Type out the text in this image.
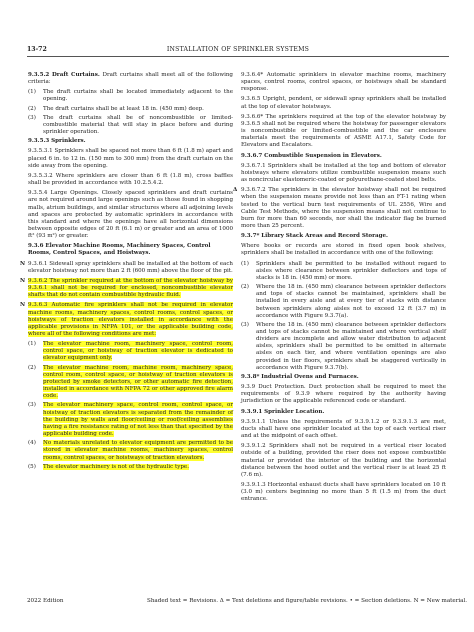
13-72	INSTALLATION OF SPRINKLER SYSTEMS
9.3.5.2 Draft Curtains. Draft curtains shall meet all of the following criteria:
(1)	The draft curtains shall be located immediately adjacent to the opening.
(2)	The draft curtains shall be at least 18 in. (450 mm) deep.
(3)	The draft curtains shall be of noncombustible or limited-combustible material that will stay in place before and during sprinkler operation.
9.3.5.3 Sprinklers.
9.3.5.3.1 Sprinklers shall be spaced not more than 6 ft (1.8 m) apart and placed 6 in. to 12 in. (150 mm to 300 mm) from the draft curtain on the side away from the opening.
9.3.5.3.2 Where sprinklers are closer than 6 ft (1.8 m), cross baffles shall be provided in accordance with 10.2.5.4.2.
9.3.5.4 Large Openings. Closely spaced sprinklers and draft curtains are not required around large openings such as those found in shopping malls, atrium buildings, and similar structures where all adjoining levels and spaces are protected by automatic sprinklers in accordance with this standard and where the openings have all horizontal dimensions between opposite edges of 20 ft (6.1 m) or greater and an area of 1000 ft² (93 m²) or greater.
9.3.6 Elevator Machine Rooms, Machinery Spaces, Control Rooms, Control Spaces, and Hoistways.
N 9.3.6.1 Sidewall spray sprinklers shall be installed at the bottom of each elevator hoistway not more than 2 ft (600 mm) above the floor of the pit.
N 9.3.6.2 The sprinkler required at the bottom of the elevator hoistway by 9.3.6.1 shall not be required for enclosed, noncombustible elevator shafts that do not contain combustible hydraulic fluid.
N 9.3.6.3 Automatic fire sprinklers shall not be required in elevator machine rooms, machinery spaces, control rooms, control spaces, or hoistways of traction elevators installed in accordance with the applicable provisions in NFPA 101, or the applicable building code, where all of the following conditions are met:
(1)	The elevator machine room, machinery space, control room, control space, or hoistway of traction elevator is dedicated to elevator equipment only.
(2)	The elevator machine room, machine room, machinery space, control room, control space, or hoistway of traction elevators is protected by smoke detectors, or other automatic fire detection, installed in accordance with NFPA 72 or other approved fire alarm code.
(3)	The elevator machinery space, control room, control space, or hoistway of traction elevators is separated from the remainder of the building by walls and floor/ceiling or roof/ceiling assemblies having a fire resistance rating of not less than that specified by the applicable building code.
(4)	No materials unrelated to elevator equipment are permitted to be stored in elevator machine rooms, machinery spaces, control rooms, control spaces, or hoistways of traction elevators.
(5)	The elevator machinery is not of the hydraulic type.
9.3.6.4* Automatic sprinklers in elevator machine rooms, machinery spaces, control rooms, control spaces, or hoistways shall be standard response.
9.3.6.5 Upright, pendent, or sidewall spray sprinklers shall be installed at the top of elevator hoistways.
9.3.6.6* The sprinklers required at the top of the elevator hoistway by 9.3.6.5 shall not be required where the hoistway for passenger elevators is noncombustible or limited-combustible and the car enclosure materials meet the requirements of ASME A17.1, Safety Code for Elevators and Escalators.
9.3.6.7 Combustible Suspension in Elevators.
9.3.6.7.1 Sprinklers shall be installed at the top and bottom of elevator hoistways where elevators utilize combustible suspension means such as noncircular elastomeric-coated or polyurethane-coated steel belts.
Δ 9.3.6.7.2 The sprinklers in the elevator hoistway shall not be required when the suspension means provide not less than an FT-1 rating when tested to the vertical burn test requirements of UL 2556, Wire and Cable Test Methods, where the suspension means shall not continue to burn for more than 60 seconds, nor shall the indicator flag be burned more than 25 percent.
9.3.7* Library Stack Areas and Record Storage.
Where books or records are stored in fixed open book shelves, sprinklers shall be installed in accordance with one of the following:
(1)	Sprinklers shall be permitted to be installed without regard to aisles where clearance between sprinkler deflectors and tops of stacks is 18 in. (450 mm) or more.
(2)	Where the 18 in. (450 mm) clearance between sprinkler deflectors and tops of stacks cannot be maintained, sprinklers shall be installed in every aisle and at every tier of stacks with distance between sprinklers along aisles not to exceed 12 ft (3.7 m) in accordance with Figure 9.3.7(a).
(3)	Where the 18 in. (450 mm) clearance between sprinkler deflectors and tops of stacks cannot be maintained and where vertical shelf dividers are incomplete and allow water distribution to adjacent aisles, sprinklers shall be permitted to be omitted in alternate aisles on each tier, and where ventilation openings are also provided in tier floors, sprinklers shall be staggered vertically in accordance with Figure 9.3.7(b).
9.3.8* Industrial Ovens and Furnaces.
9.3.9 Duct Protection. Duct protection shall be required to meet the requirements of 9.3.9 where required by the authority having jurisdiction or the applicable referenced code or standard.
9.3.9.1 Sprinkler Location.
9.3.9.1.1 Unless the requirements of 9.3.9.1.2 or 9.3.9.1.3 are met, ducts shall have one sprinkler located at the top of each vertical riser and at the midpoint of each offset.
9.3.9.1.2 Sprinklers shall not be required in a vertical riser located outside of a building, provided the riser does not expose combustible material or provided the interior of the building and the horizontal distance between the hood outlet and the vertical riser is at least 25 ft (7.6 m).
9.3.9.1.3 Horizontal exhaust ducts shall have sprinklers located on 10 ft (3.0 m) centers beginning no more than 5 ft (1.5 m) from the duct entrance.
2022 Edition	Shaded text = Revisions. Δ = Text deletions and figure/table revisions. • = Section deletions. N = New material.
